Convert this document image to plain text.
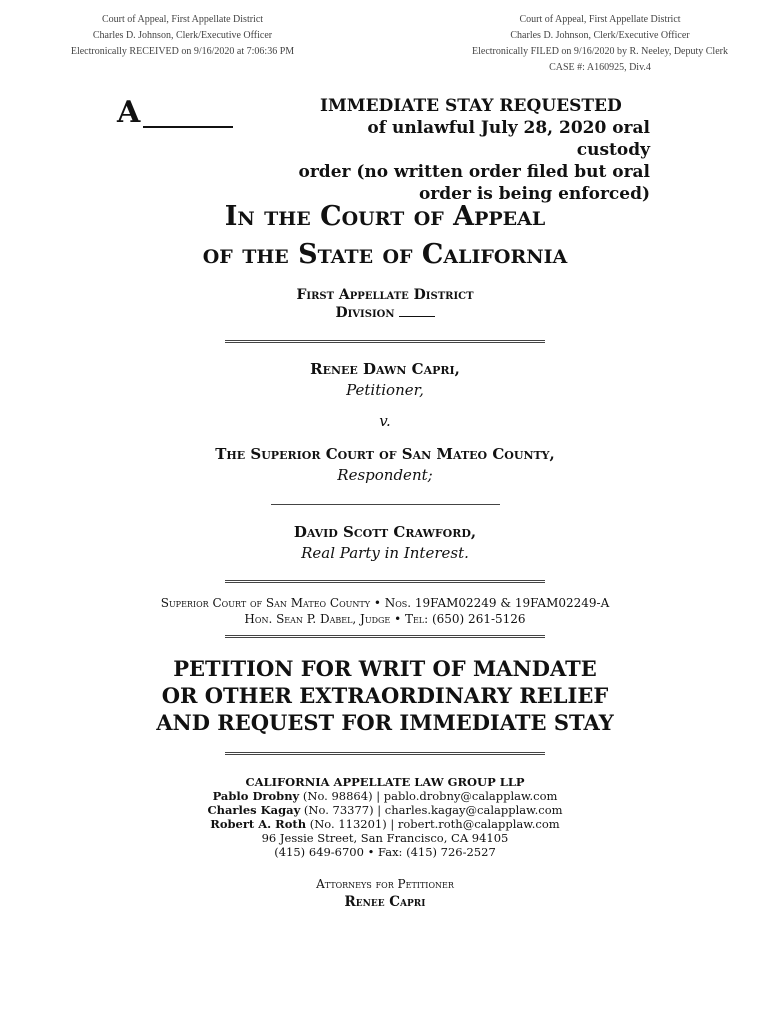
Court of Appeal, First Appellate District
Charles D. Johnson, Clerk/Executive Officer
Electronically RECEIVED on 9/16/2020 at 7:06:36 PM
Court of Appeal, First Appellate District
Charles D. Johnson, Clerk/Executive Officer
Electronically FILED on 9/16/2020 by R. Neeley, Deputy Clerk
CASE #: A160925, Div.4
A	IMMEDIATE STAY REQUESTED
of unlawful July 28, 2020 oral custody
order (no written order filed but oral
order is being enforced)
In the Court of Appeal
of the State of California
First Appellate District
Division
Renee Dawn Capri,
Petitioner,
v.
The Superior Court of San Mateo County,
Respondent;
David Scott Crawford,
Real Party in Interest.
Superior Court of San Mateo County • Nos. 19FAM02249 & 19FAM02249-A
Hon. Sean P. Dabel, Judge • Tel: (650) 261-5126
PETITION FOR WRIT OF MANDATE
OR OTHER EXTRAORDINARY RELIEF
AND REQUEST FOR IMMEDIATE STAY
CALIFORNIA APPELLATE LAW GROUP LLP
Pablo Drobny (No. 98864) | pablo.drobny@calapplaw.com
Charles Kagay (No. 73377) | charles.kagay@calapplaw.com
Robert A. Roth (No. 113201) | robert.roth@calapplaw.com
96 Jessie Street, San Francisco, CA 94105
(415) 649-6700 • Fax: (415) 726-2527
Attorneys for Petitioner
Renee Capri
